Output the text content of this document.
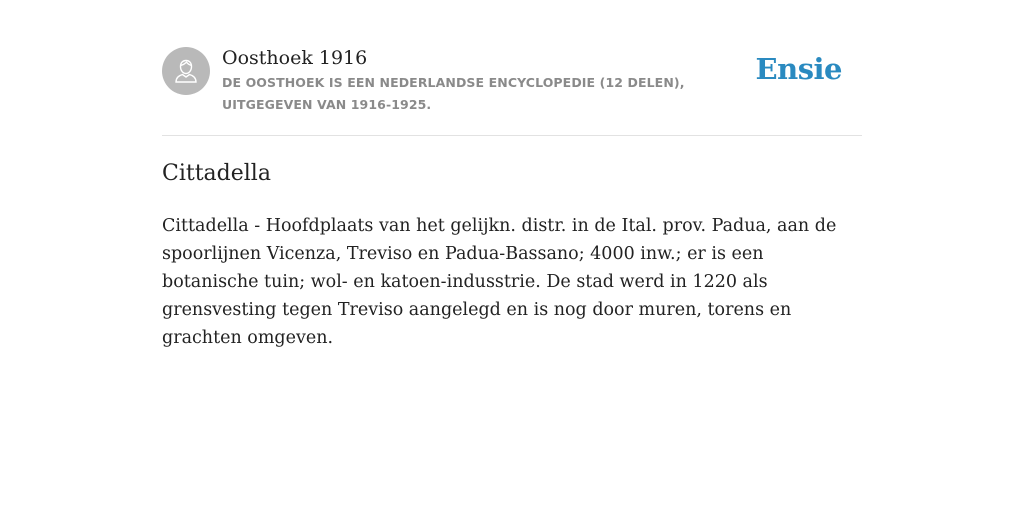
Oosthoek 1916
DE OOSTHOEK IS EEN NEDERLANDSE ENCYCLOPEDIE (12 DELEN), UITGEGEVEN VAN 1916-1925.
Ensie
Cittadella

Cittadella - Hoofdplaats van het gelijkn. distr. in de Ital. prov. Padua, aan de spoorlijnen Vicenza, Treviso en Padua-Bassano; 4000 inw.; er is een botanische tuin; wol- en katoen-indusstrie. De stad werd in 1220 als grensvesting tegen Treviso aangelegd en is nog door muren, torens en grachten omgeven.
